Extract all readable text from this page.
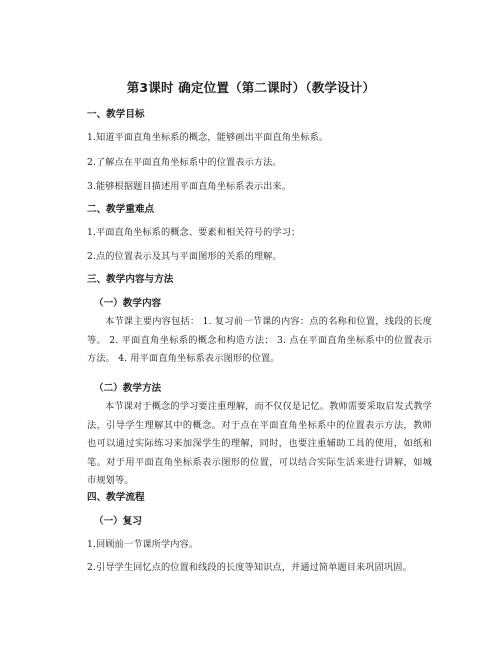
第3课时 确定位置（第二课时）（教学设计）
一、教学目标
1.知道平面直角坐标系的概念，能够画出平面直角坐标系。
2.了解点在平面直角坐标系中的位置表示方法。
3.能够根据题目描述用平面直角坐标系表示出来。
二、教学重难点
1.平面直角坐标系的概念、要素和相关符号的学习；
2.点的位置表示及其与平面图形的关系的理解。
三、教学内容与方法
（一）教学内容
本节课主要内容包括： 1. 复习前一节课的内容：点的名称和位置，线段的长度等。 2. 平面直角坐标系的概念和构造方法； 3. 点在平面直角坐标系中的位置表示方法。 4. 用平面直角坐标系表示图形的位置。
（二）教学方法
本节课对于概念的学习要注重理解，而不仅仅是记忆。教师需要采取启发式教学法，引导学生理解其中的概念。对于点在平面直角坐标系中的位置表示方法，教师也可以通过实际练习来加深学生的理解，同时，也要注重辅助工具的使用，如纸和笔。对于用平面直角坐标系表示图形的位置，可以结合实际生活来进行讲解，如城市规划等。
四、教学流程
（一）复习
1.回顾前一节课所学内容。
2.引导学生回忆点的位置和线段的长度等知识点，并通过简单题目来巩固巩固。
